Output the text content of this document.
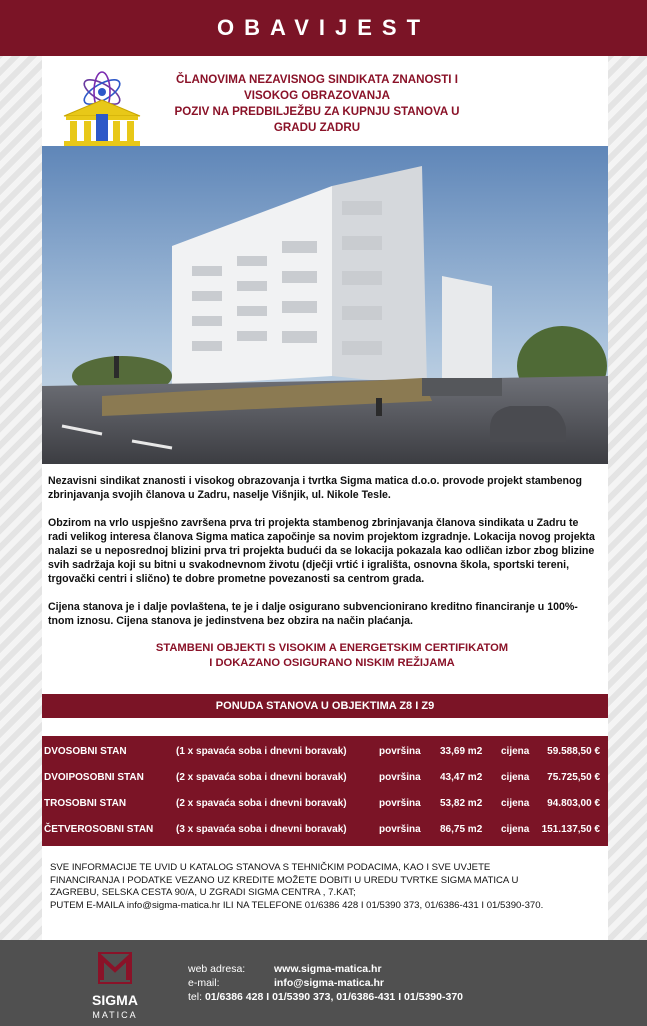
OBAVIJEST
ČLANOVIMA NEZAVISNOG SINDIKATA ZNANOSTI I
VISOKOG OBRAZOVANJA
POZIV NA PREDBILJEŽBU ZA KUPNJU STANOVA U
GRADU ZADRU

Nezavisni sindikat znanosti i visokog obrazovanja i tvrtka Sigma matica d.o.o. provode projekt stambenog zbrinjavanja svojih članova u Zadru, naselje Višnjik, ul. Nikole Tesle.

Obzirom na vrlo uspješno završena prva tri projekta stambenog zbrinjavanja članova sindikata u Zadru te radi velikog interesa članova Sigma matica započinje sa novim projektom izgradnje. Lokacija novog projekta nalazi se u neposrednoj blizini prva tri projekta budući da se lokacija pokazala kao odličan izbor zbog blizine svih sadržaja koji su bitni u svakodnevnom životu (dječji vrtić i igrališta, osnovna škola, sportski tereni, trgovački centri i slično) te dobre prometne povezanosti sa centrom grada.

Cijena stanova je i dalje povlaštena, te je i dalje osigurano subvencionirano kreditno financiranje u 100%-tnom iznosu. Cijena stanova je jedinstvena bez obzira na način plaćanja.

STAMBENI OBJEKTI S VISOKIM A ENERGETSKIM CERTIFIKATOM
I DOKAZANO OSIGURANO NISKIM REŽIJAMA
PONUDA STANOVA U OBJEKTIMA Z8 I Z9
DVOSOBNI STAN	(1 x spavaća soba i dnevni boravak)	površina 33,69 m2 cijena 59.588,50 €
DVOIPOSOBNI STAN	(2 x spavaća soba i dnevni boravak)	površina 43,47 m2 cijena 75.725,50 €
TROSOBNI STAN	(2 x spavaća soba i dnevni boravak)	površina 53,82 m2 cijena 94.803,00 €
ČETVEROSOBNI STAN (3 x spavaća soba i dnevni boravak)	površina 86,75 m2 cijena 151.137,50 €
SVE INFORMACIJE TE UVID U KATALOG STANOVA S TEHNIČKIM PODACIMA, KAO I SVE UVJETE
FINANCIRANJA I PODATKE VEZANO UZ KREDITE MOŽETE DOBITI U UREDU TVRTKE SIGMA MATICA U
ZAGREBU, SELSKA CESTA 90/A, U ZGRADI SIGMA CENTRA , 7.KAT;
PUTEM E-MAILA info@sigma-matica.hr ILI NA TELEFONE 01/6386 428 I 01/5390 373, 01/6386-431 I 01/5390-370.
SIGMA
MATICA
web adresa:	www.sigma-matica.hr
e-mail:	info@sigma-matica.hr
tel: 01/6386 428 I 01/5390 373, 01/6386-431 I 01/5390-370
